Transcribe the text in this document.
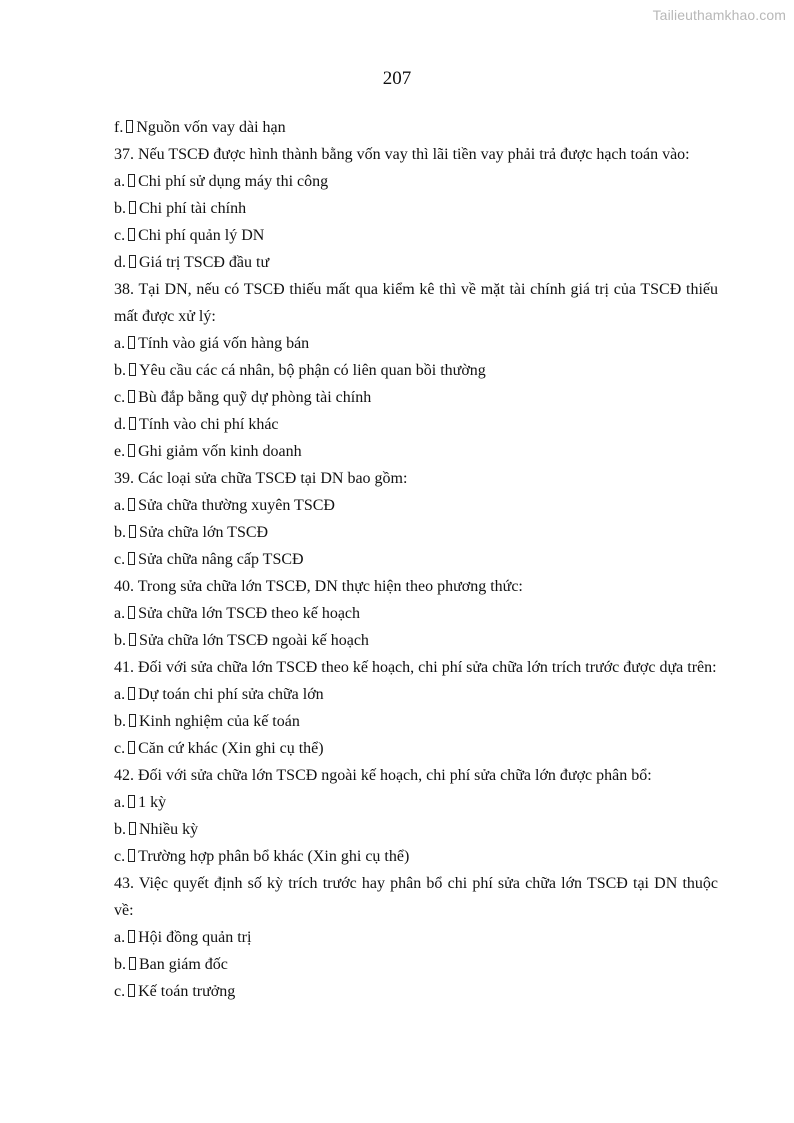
Tailieuthamkhao.com
207
f. Nguồn vốn vay dài hạn
37. Nếu TSCĐ được hình thành bằng vốn vay thì lãi tiền vay phải trả được hạch toán vào:
a. Chi phí sử dụng máy thi công
b. Chi phí tài chính
c. Chi phí quản lý DN
d. Giá trị TSCĐ đầu tư
38. Tại DN, nếu có TSCĐ thiếu mất qua kiểm kê thì về mặt tài chính giá trị của TSCĐ thiếu mất được xử lý:
a. Tính vào giá vốn hàng bán
b. Yêu cầu các cá nhân, bộ phận có liên quan bồi thường
c. Bù đắp bằng quỹ dự phòng tài chính
d. Tính vào chi phí khác
e. Ghi giảm vốn kinh doanh
39. Các loại sửa chữa TSCĐ tại DN bao gồm:
a. Sửa chữa thường xuyên TSCĐ
b. Sửa chữa lớn TSCĐ
c. Sửa chữa nâng cấp TSCĐ
40. Trong sửa chữa lớn TSCĐ, DN thực hiện theo phương thức:
a. Sửa chữa lớn TSCĐ theo kế hoạch
b. Sửa chữa lớn TSCĐ ngoài kế hoạch
41. Đối với sửa chữa lớn TSCĐ theo kế hoạch, chi phí sửa chữa lớn trích trước được dựa trên:
a. Dự toán chi phí sửa chữa lớn
b. Kinh nghiệm của kế toán
c. Căn cứ khác (Xin ghi cụ thể)
42. Đối với sửa chữa lớn TSCĐ ngoài kế hoạch, chi phí sửa chữa lớn được phân bổ:
a. 1 kỳ
b. Nhiều kỳ
c. Trường hợp phân bổ khác (Xin ghi cụ thể)
43. Việc quyết định số kỳ trích trước hay phân bổ chi phí sửa chữa lớn TSCĐ tại DN thuộc về:
a. Hội đồng quản trị
b. Ban giám đốc
c. Kế toán trưởng
